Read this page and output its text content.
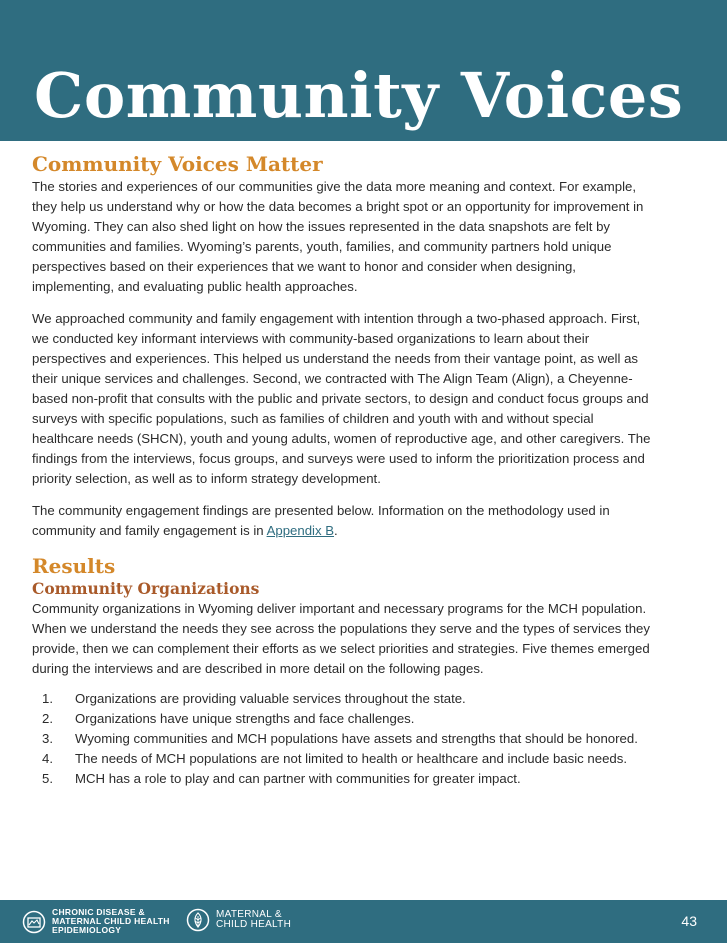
Community Voices
Community Voices Matter
The stories and experiences of our communities give the data more meaning and context. For example,
they help us understand why or how the data becomes a bright spot or an opportunity for improvement in
Wyoming. They can also shed light on how the issues represented in the data snapshots are felt by
communities and families. Wyoming’s parents, youth, families, and community partners hold unique
perspectives based on their experiences that we want to honor and consider when designing,
implementing, and evaluating public health approaches.
We approached community and family engagement with intention through a two-phased approach. First,
we conducted key informant interviews with community-based organizations to learn about their
perspectives and experiences. This helped us understand the needs from their vantage point, as well as
their unique services and challenges. Second, we contracted with The Align Team (Align), a Cheyenne-
based non-profit that consults with the public and private sectors, to design and conduct focus groups and
surveys with specific populations, such as families of children and youth with and without special
healthcare needs (SHCN), youth and young adults, women of reproductive age, and other caregivers. The
findings from the interviews, focus groups, and surveys were used to inform the prioritization process and
priority selection, as well as to inform strategy development.
The community engagement findings are presented below. Information on the methodology used in
community and family engagement is in Appendix B.
Results
Community Organizations
Community organizations in Wyoming deliver important and necessary programs for the MCH population.
When we understand the needs they see across the populations they serve and the types of services they
provide, then we can complement their efforts as we select priorities and strategies. Five themes emerged
during the interviews and are described in more detail on the following pages.
1.	Organizations are providing valuable services throughout the state.
2.	Organizations have unique strengths and face challenges.
3.	Wyoming communities and MCH populations have assets and strengths that should be honored.
4.	The needs of MCH populations are not limited to health or healthcare and include basic needs.
5.	MCH has a role to play and can partner with communities for greater impact.
CHRONIC DISEASE &
MATERNAL CHILD HEALTH
EPIDEMIOLOGY
MATERNAL &
CHILD HEALTH	43
